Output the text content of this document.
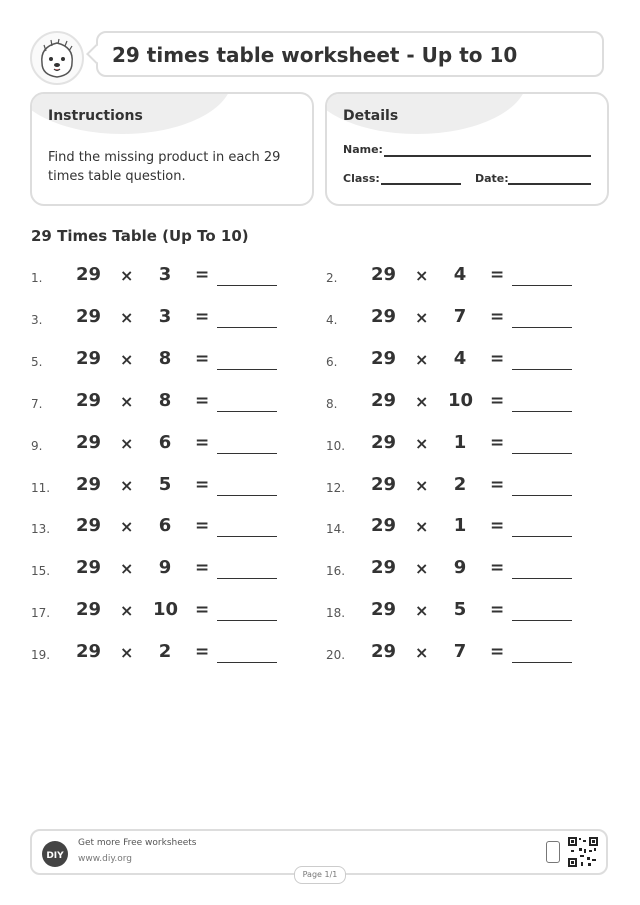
29 times table worksheet - Up to 10
Instructions
Find the missing product in each 29 times table question.
Details
Name:
Class:	Date:
29 Times Table (Up To 10)
1. 29 ×	3	=	2. 29 ×	4	=
3. 29 ×	3	=	4. 29 ×	7	=
5. 29 ×	8	=	6. 29 ×	4	=
7. 29 ×	8	=	8. 29 × 10 =
9. 29 ×	6	=	10. 29 ×	1	=
11. 29 ×	5	=	12. 29 ×	2	=
13. 29 ×	6	=	14. 29 ×	1	=
15. 29 ×	9	=	16. 29 ×	9	=
17. 29 × 10 =	18. 29 ×	5	=
19. 29 ×	2	=	20. 29 ×	7	=
DIY
Get more Free worksheets
www.diy.org
Page 1/1
